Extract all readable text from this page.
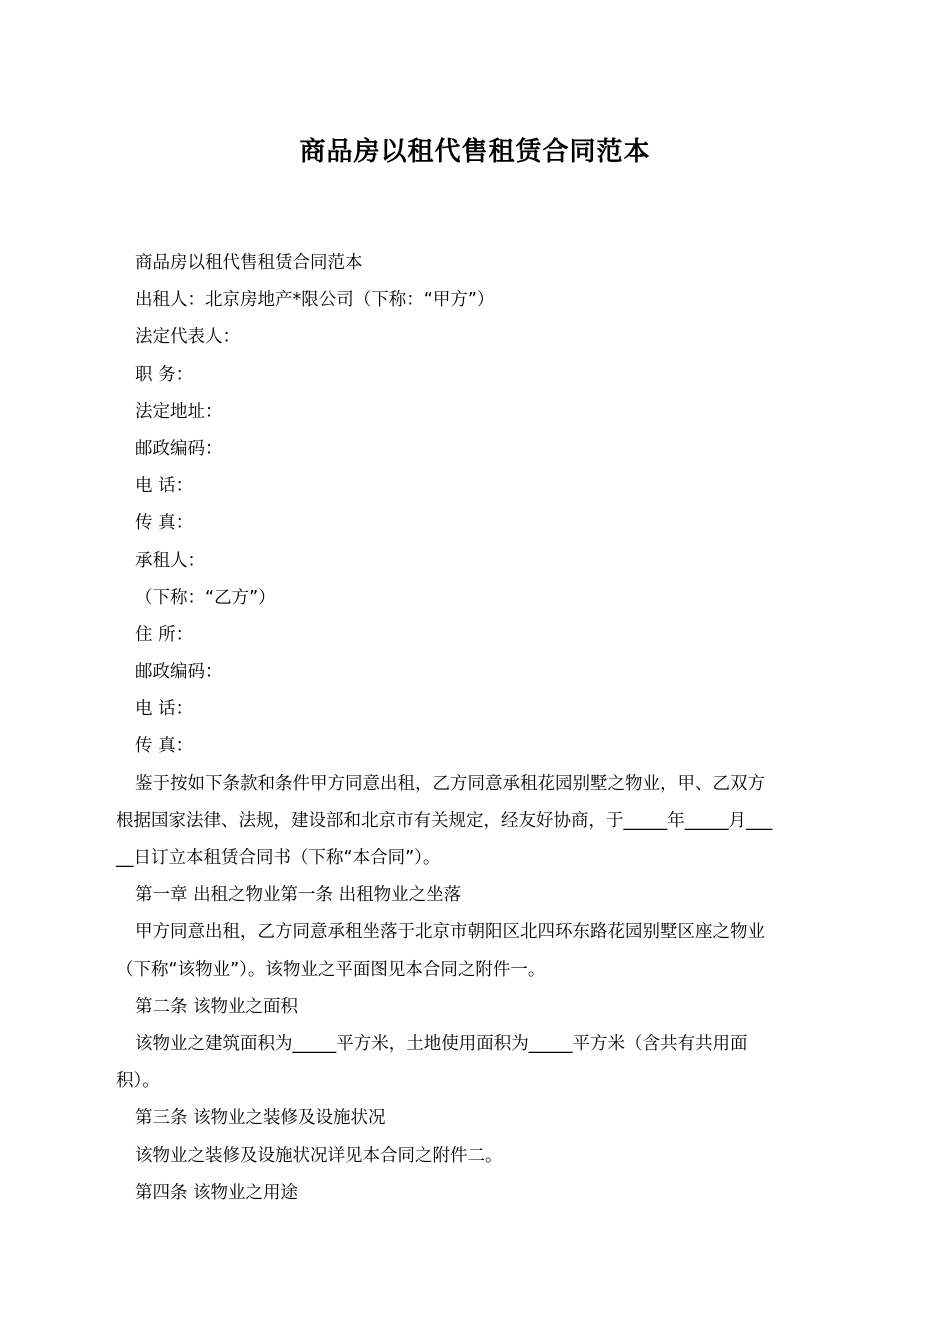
商品房以租代售租赁合同范本
商品房以租代售租赁合同范本
出租人：北京房地产*限公司（下称：“甲方”）
法定代表人：
职 务：
法定地址：
邮政编码：
电 话：
传 真：
承租人：
（下称：“乙方”）
住 所：
邮政编码：
电 话：
传 真：
鉴于按如下条款和条件甲方同意出租，乙方同意承租花园别墅之物业，甲、乙双方
根据国家法律、法规，建设部和北京市有关规定，经友好协商，于_____年_____月___
__日订立本租赁合同书（下称“本合同”）。
第一章 出租之物业第一条 出租物业之坐落
甲方同意出租，乙方同意承租坐落于北京市朝阳区北四环东路花园别墅区座之物业
（下称“该物业”）。该物业之平面图见本合同之附件一。
第二条 该物业之面积
该物业之建筑面积为_____平方米，土地使用面积为_____平方米（含共有共用面
积）。
第三条 该物业之装修及设施状况
该物业之装修及设施状况详见本合同之附件二。
第四条 该物业之用途
